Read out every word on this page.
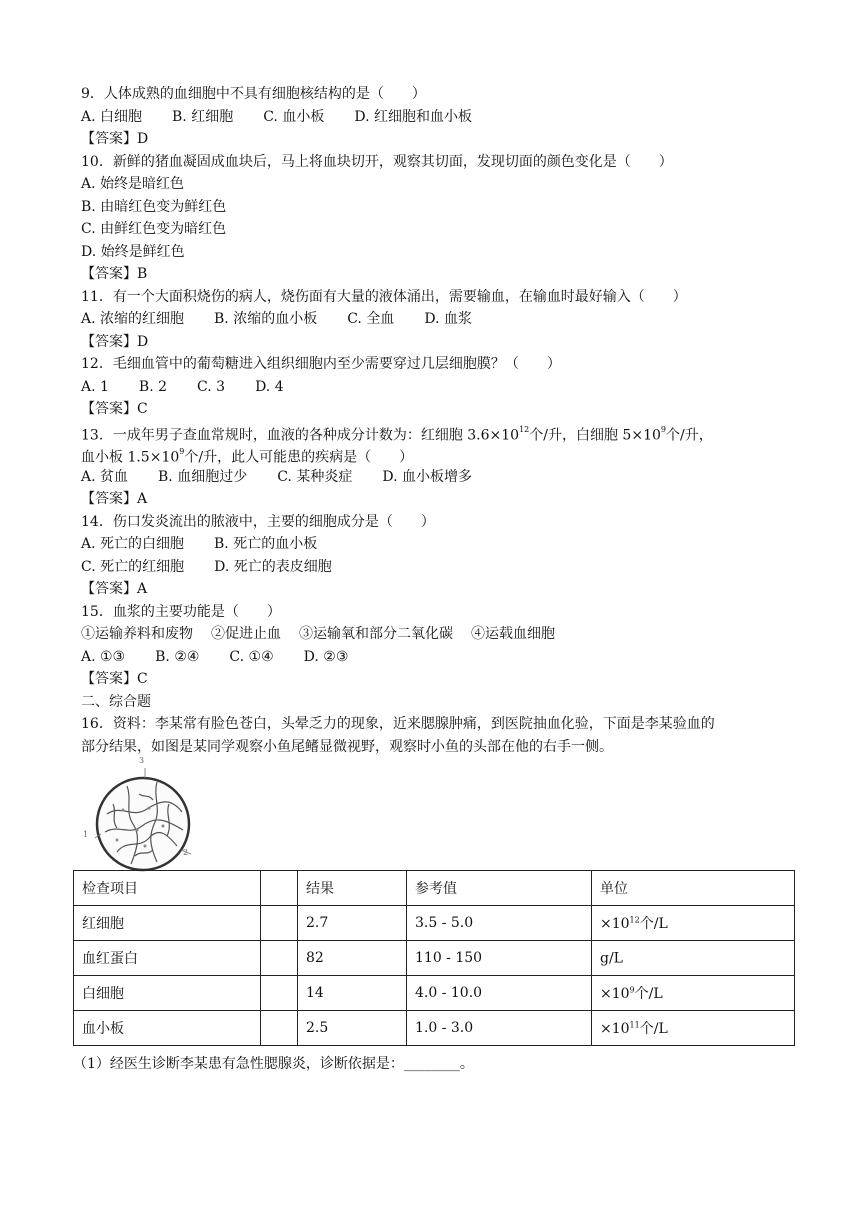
9．人体成熟的血细胞中不具有细胞核结构的是（　　）
A. 白细胞 B. 红细胞 C. 血小板 D. 红细胞和血小板
【答案】D
10．新鲜的猪血凝固成血块后，马上将血块切开，观察其切面，发现切面的颜色变化是（　　）
A. 始终是暗红色
B. 由暗红色变为鲜红色
C. 由鲜红色变为暗红色
D. 始终是鲜红色
【答案】B
11．有一个大面积烧伤的病人，烧伤面有大量的液体涌出，需要输血，在输血时最好输入（　　）
A. 浓缩的红细胞 B. 浓缩的血小板 C. 全血 D. 血浆
【答案】D
12．毛细血管中的葡萄糖进入组织细胞内至少需要穿过几层细胞膜？（　　）
A. 1 B. 2 C. 3 D. 4
【答案】C
13．一成年男子查血常规时，血液的各种成分计数为：红细胞 $3.6\times 10^{12}$个/升，白细胞 $5\times 10^9$个/升，
血小板 $1.5\times 10^9$个/升，此人可能患的疾病是（　　）
A. 贫血 B. 血细胞过少 C. 某种炎症 D. 血小板增多
【答案】A
14．伤口发炎流出的脓液中，主要的细胞成分是（　　）
A. 死亡的白细胞 B. 死亡的血小板
C. 死亡的红细胞 D. 死亡的表皮细胞
【答案】A
15．血浆的主要功能是（　　）
①运输养料和废物 ②促进止血 ③运输氧和部分二氧化碳 ④运载血细胞
A. ①③ B. ②④ C. ①④ D. ②③
【答案】C
二、综合题
16．资料：李某常有脸色苍白，头晕乏力的现象，近来腮腺肿痛，到医院抽血化验，下面是李某验血的
部分结果，如图是某同学观察小鱼尾鳍显微视野，观察时小鱼的头部在他的右手一侧。
3
1
2
检查项目		结果	参考值	单位
红细胞		2.7	3.5 - 5.0	$\times 10^{12}$个/L
血红蛋白		82	110 - 150	g/L
白细胞		14	4.0 - 10.0	$\times 10^9$个/L
血小板		2.5	1.0 - 3.0	$\times 10^{11}$个/L
（1）经医生诊断李某患有急性腮腺炎，诊断依据是：________。
